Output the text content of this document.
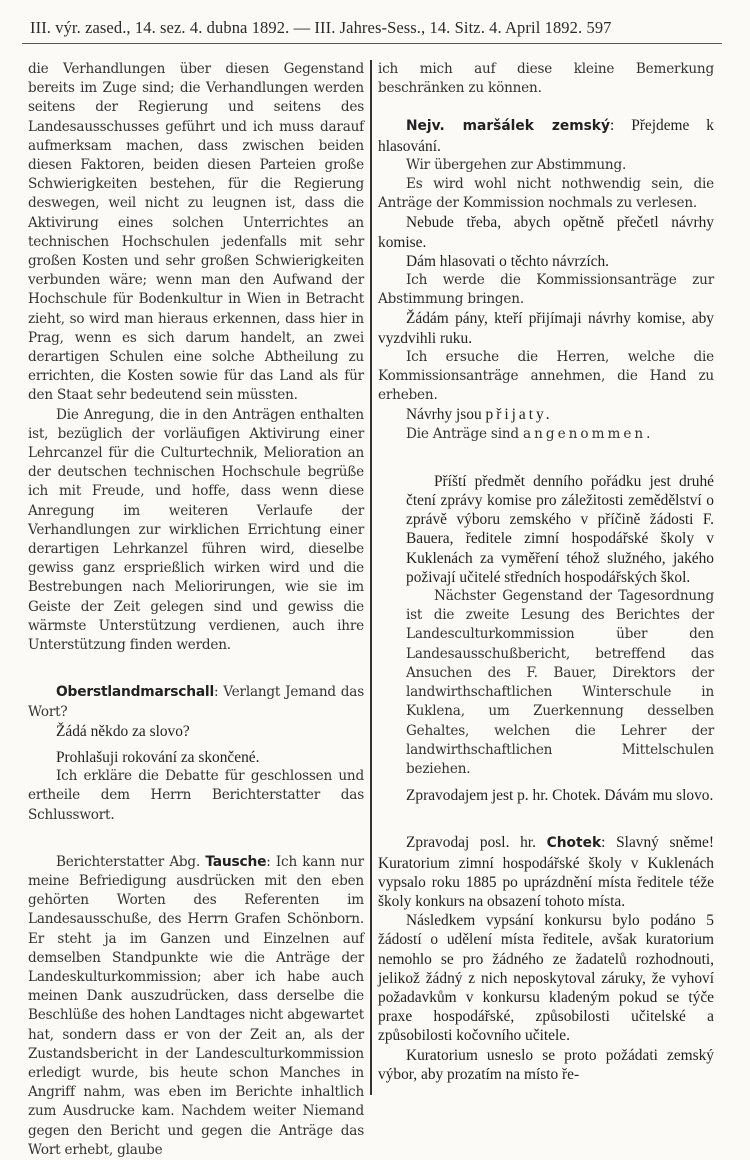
III. výr. zased., 14. sez. 4. dubna 1892. — III. Jahres-Sess., 14. Sitz. 4. April 1892. 597

die Verhandlungen über diesen Gegenstand bereits im Zuge sind; die Verhandlungen werden seitens der Regierung und seitens des Landesausschusses geführt und ich muss darauf aufmerksam machen, dass zwischen beiden diesen Faktoren, beiden diesen Parteien große Schwierigkeiten bestehen, für die Regierung deswegen, weil nicht zu leugnen ist, dass die Aktivirung eines solchen Unterrichtes an technischen Hochschulen jedenfalls mit sehr großen Kosten und sehr großen Schwierigkeiten verbunden wäre; wenn man den Aufwand der Hochschule für Bodenkultur in Wien in Betracht zieht, so wird man hieraus erkennen, dass hier in Prag, wenn es sich darum handelt, an zwei derartigen Schulen eine solche Abtheilung zu errichten, die Kosten sowie für das Land als für den Staat sehr bedeutend sein müssten.

Die Anregung, die in den Anträgen enthalten ist, bezüglich der vorläufigen Aktivirung einer Lehrcanzel für die Culturtechnik, Melioration an der deutschen technischen Hochschule begrüße ich mit Freude, und hoffe, dass wenn diese Anregung im weiteren Verlaufe der Verhandlungen zur wirklichen Errichtung einer derartigen Lehrkanzel führen wird, dieselbe gewiss ganz ersprießlich wirken wird und die Bestrebungen nach Meliorirungen, wie sie im Geiste der Zeit gelegen sind und gewiss die wärmste Unterstützung verdienen, auch ihre Unterstützung finden werden.

Oberstlandmarschall: Verlangt Jemand das Wort?

Žádá někdo za slovo?

Prohlašuji rokování za skončené.

Ich erkläre die Debatte für geschlossen und ertheile dem Herrn Berichterstatter das Schlusswort.

Berichterstatter Abg. Tausche: Ich kann nur meine Befriedigung ausdrücken mit den eben gehörten Worten des Referenten im Landesausschuße, des Herrn Grafen Schönborn. Er steht ja im Ganzen und Einzelnen auf demselben Standpunkte wie die Anträge der Landeskulturkommission; aber ich habe auch meinen Dank auszudrücken, dass derselbe die Beschlüße des hohen Landtages nicht abgewartet hat, sondern dass er von der Zeit an, als der Zustandsbericht in der Landesculturkommission erledigt wurde, bis heute schon Manches in Angriff nahm, was eben im Berichte inhaltlich zum Ausdrucke kam. Nachdem weiter Niemand gegen den Bericht und gegen die Anträge das Wort erhebt, glaube

ich mich auf diese kleine Bemerkung beschränken zu können.

Nejv. maršálek zemský: Přejdeme k hlasování.

Wir übergehen zur Abstimmung.

Es wird wohl nicht nothwendig sein, die Anträge der Kommission nochmals zu verlesen.

Nebude třeba, abych opětně přečetl návrhy komise.

Dám hlasovati o těchto návrzích.

Ich werde die Kommissionsanträge zur Abstimmung bringen.

Žádám pány, kteří přijímaji návrhy komise, aby vyzdvihli ruku.

Ich ersuche die Herren, welche die Kommissionsanträge annehmen, die Hand zu erheben.

Návrhy jsou přijaty.

Die Anträge sind angenommen.

Příští předmět denního pořádku jest druhé čtení zprávy komise pro záležitosti zemědělství o zprávě výboru zemského v příčině žádosti F. Bauera, ředitele zimní hospodářské školy v Kuklenách za vyměření téhož služného, jakého poživají učitelé středních hospodářských škol.

Nächster Gegenstand der Tagesordnung ist die zweite Lesung des Berichtes der Landesculturkommission über den Landesausschußbericht, betreffend das Ansuchen des F. Bauer, Direktors der landwirthschaftlichen Winterschule in Kuklena, um Zuerkennung desselben Gehaltes, welchen die Lehrer der landwirthschaftlichen Mittelschulen beziehen.

Zpravodajem jest p. hr. Chotek. Dávám mu slovo.

Zpravodaj posl. hr. Chotek: Slavný sněme! Kuratorium zimní hospodářské školy v Kuklenách vypsalo roku 1885 po uprázdnění místa ředitele téže školy konkurs na obsazení tohoto místa.

Následkem vypsání konkursu bylo podáno 5 žádostí o udělení místa ředitele, avšak kuratorium nemohlo se pro žádného ze žadatelů rozhodnouti, jelikož žádný z nich neposkytoval záruky, že vyhoví požadavkům v konkursu kladeným pokud se týče praxe hospodářské, způsobilosti učitelské a způsobilosti kočovního učitele.

Kuratorium usneslo se proto požádati zemský výbor, aby prozatím na místo ře-
